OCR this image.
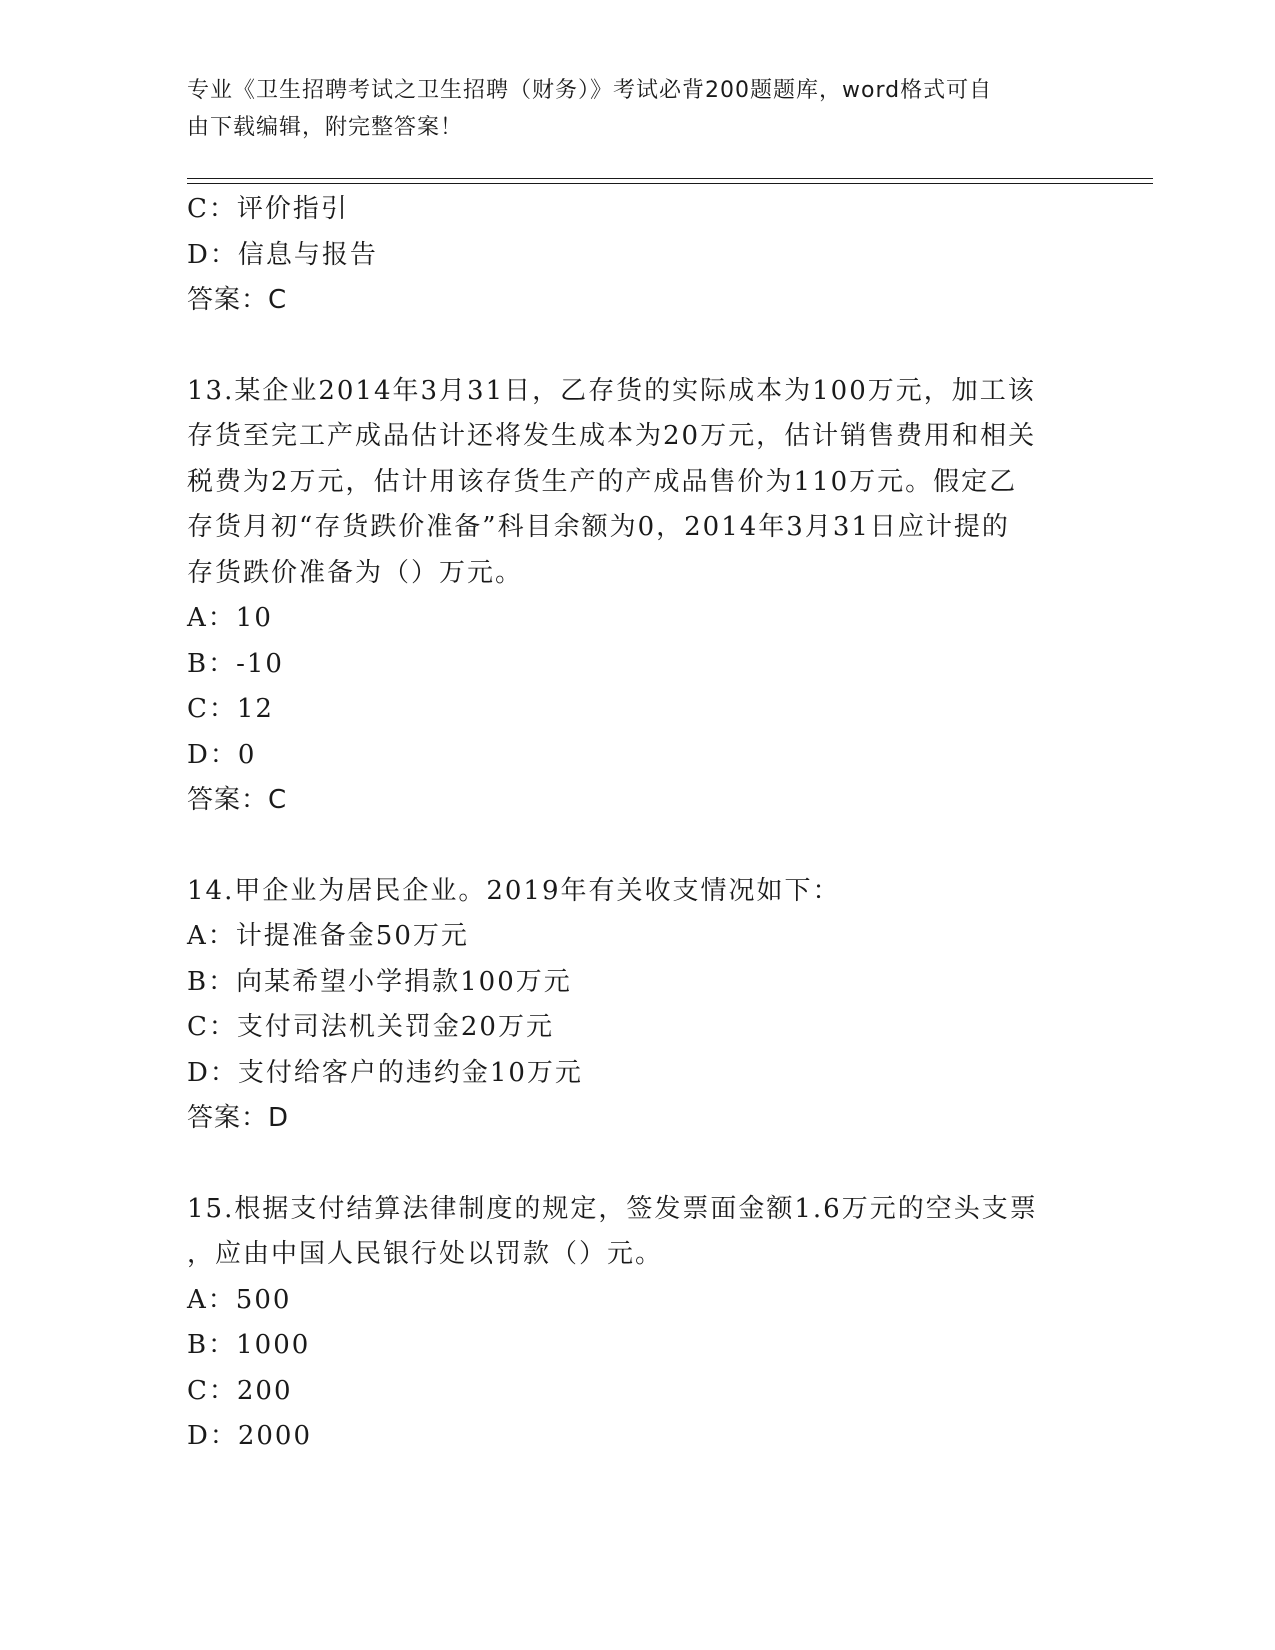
专业《卫生招聘考试之卫生招聘（财务）》考试必背200题题库，word格式可自
由下载编辑，附完整答案！
C：评价指引
D：信息与报告
答案：C
13.某企业2014年3月31日，乙存货的实际成本为100万元，加工该
存货至完工产成品估计还将发生成本为20万元，估计销售费用和相关
税费为2万元，估计用该存货生产的产成品售价为110万元。假定乙
存货月初“存货跌价准备”科目余额为0，2014年3月31日应计提的
存货跌价准备为（）万元。
A：10
B：-10
C：12
D：0
答案：C
14.甲企业为居民企业。2019年有关收支情况如下：
A：计提准备金50万元
B：向某希望小学捐款100万元
C：支付司法机关罚金20万元
D：支付给客户的违约金10万元
答案：D
15.根据支付结算法律制度的规定，签发票面金额1.6万元的空头支票
，应由中国人民银行处以罚款（）元。
A：500
B：1000
C：200
D：2000
